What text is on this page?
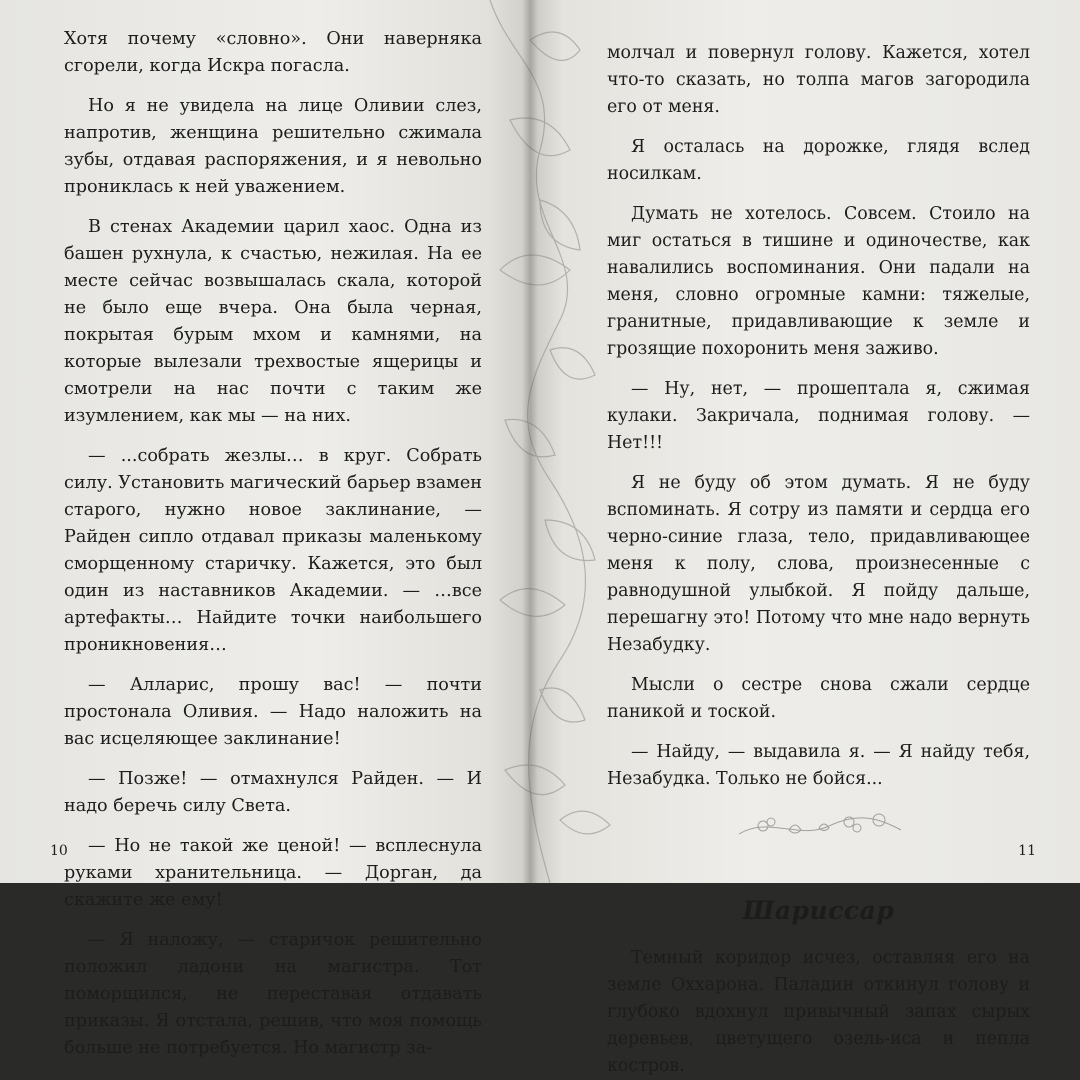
Хотя почему «словно». Они наверняка сгорели, когда Искра погасла.

Но я не увидела на лице Оливии слез, напротив, женщина решительно сжимала зубы, отдавая распоряжения, и я невольно прониклась к ней уважением.

В стенах Академии царил хаос. Одна из башен рухнула, к счастью, нежилая. На ее месте сейчас возвышалась скала, которой не было еще вчера. Она была черная, покрытая бурым мхом и камнями, на которые вылезали трехвостые ящерицы и смотрели на нас почти с таким же изумлением, как мы — на них.

— ...собрать жезлы… в круг. Собрать силу. Установить магический барьер взамен старого, нужно новое заклинание, — Райден сипло отдавал приказы маленькому сморщенному старичку. Кажется, это был один из наставников Академии. — …все артефакты… Найдите точки наибольшего проникновения…

— Алларис, прошу вас! — почти простонала Оливия. — Надо наложить на вас исцеляющее заклинание!

— Позже! — отмахнулся Райден. — И надо беречь силу Света.

— Но не такой же ценой! — всплеснула руками хранительница. — Дорган, да скажите же ему!

— Я наложу, — старичок решительно положил ладони на магистра. Тот поморщился, не переставая отдавать приказы. Я отстала, решив, что моя помощь больше не потребуется. Но магистр за-

10

молчал и повернул голову. Кажется, хотел что-то сказать, но толпа магов загородила его от меня.

Я осталась на дорожке, глядя вслед носилкам.

Думать не хотелось. Совсем. Стоило на миг остаться в тишине и одиночестве, как навалились воспоминания. Они падали на меня, словно огромные камни: тяжелые, гранитные, придавливающие к земле и грозящие похоронить меня заживо.

— Ну, нет, — прошептала я, сжимая кулаки. Закричала, поднимая голову. — Нет!!!

Я не буду об этом думать. Я не буду вспоминать. Я сотру из памяти и сердца его черно-синие глаза, тело, придавливающее меня к полу, слова, произнесенные с равнодушной улыбкой. Я пойду дальше, перешагну это! Потому что мне надо вернуть Незабудку.

Мысли о сестре снова сжали сердце паникой и тоской.

— Найду, — выдавила я. — Я найду тебя, Незабудка. Только не бойся...

Шариссар

Темный коридор исчез, оставляя его на земле Оххарона. Паладин откинул голову и глубоко вдохнул привычный запах сырых деревьев, цветущего озель-иса и пепла костров.

11
